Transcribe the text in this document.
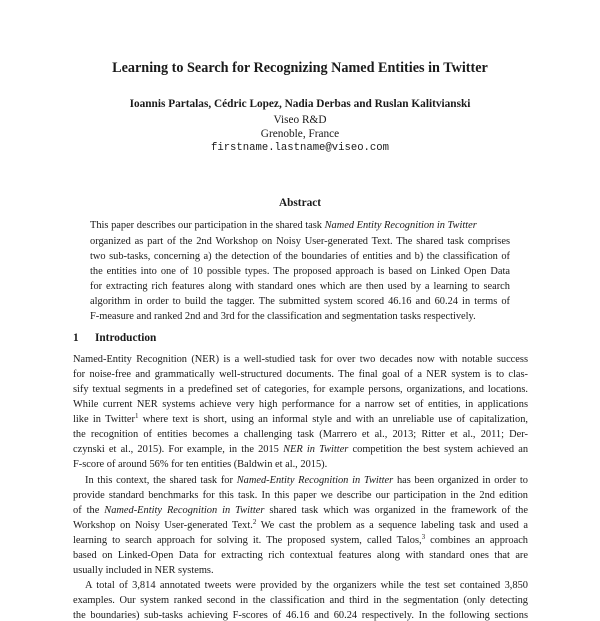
Learning to Search for Recognizing Named Entities in Twitter
Ioannis Partalas, Cédric Lopez, Nadia Derbas and Ruslan Kalitvianski
Viseo R&D
Grenoble, France
firstname.lastname@viseo.com
Abstract
This paper describes our participation in the shared task Named Entity Recognition in Twitter
organized as part of the 2nd Workshop on Noisy User-generated Text. The shared task comprises
two sub-tasks, concerning a) the detection of the boundaries of entities and b) the classification of
the entities into one of 10 possible types. The proposed approach is based on Linked Open Data
for extracting rich features along with standard ones which are then used by a learning to search
algorithm in order to build the tagger. The submitted system scored 46.16 and 60.24 in terms of
F-measure and ranked 2nd and 3rd for the classification and segmentation tasks respectively.
1 Introduction
Named-Entity Recognition (NER) is a well-studied task for over two decades now with notable success
for noise-free and grammatically well-structured documents. The final goal of a NER system is to clas-
sify textual segments in a predefined set of categories, for example persons, organizations, and locations.
While current NER systems achieve very high performance for a narrow set of entities, in applications
like in Twitter$^1$ where text is short, using an informal style and with an unreliable use of capitalization,
the recognition of entities becomes a challenging task (Marrero et al., 2013; Ritter et al., 2011; Der-
czynski et al., 2015). For example, in the 2015 NER in Twitter competition the best system achieved an
F-score of around 56% for ten entities (Baldwin et al., 2015).
In this context, the shared task for Named-Entity Recognition in Twitter has been organized in order to
provide standard benchmarks for this task. In this paper we describe our participation in the 2nd edition
of the Named-Entity Recognition in Twitter shared task which was organized in the framework of the
Workshop on Noisy User-generated Text.$^2$ We cast the problem as a sequence labeling task and used a
learning to search approach for solving it. The proposed system, called Talos,$^3$ combines an approach
based on Linked-Open Data for extracting rich contextual features along with standard ones that are
usually included in NER systems.
A total of 3,814 annotated tweets were provided by the organizers while the test set contained 3,850
examples. Our system ranked second in the classification and third in the segmentation (only detecting
the boundaries) sub-tasks achieving F-scores of 46.16 and 60.24 respectively. In the following sections
